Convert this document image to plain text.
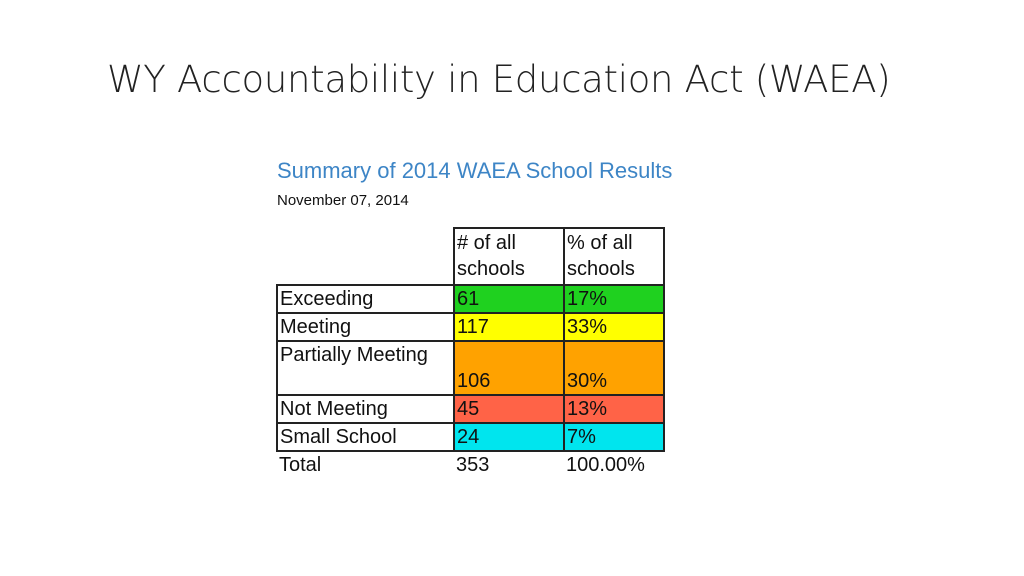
WY Accountability in Education Act (WAEA)
Summary of 2014 WAEA School Results
November 07, 2014
	# of all schools	% of all schools
Exceeding	61	17%
Meeting	117	33%
Partially Meeting	106	30%
Not Meeting	45	13%
Small School	24	7%
Total	353	100.00%
